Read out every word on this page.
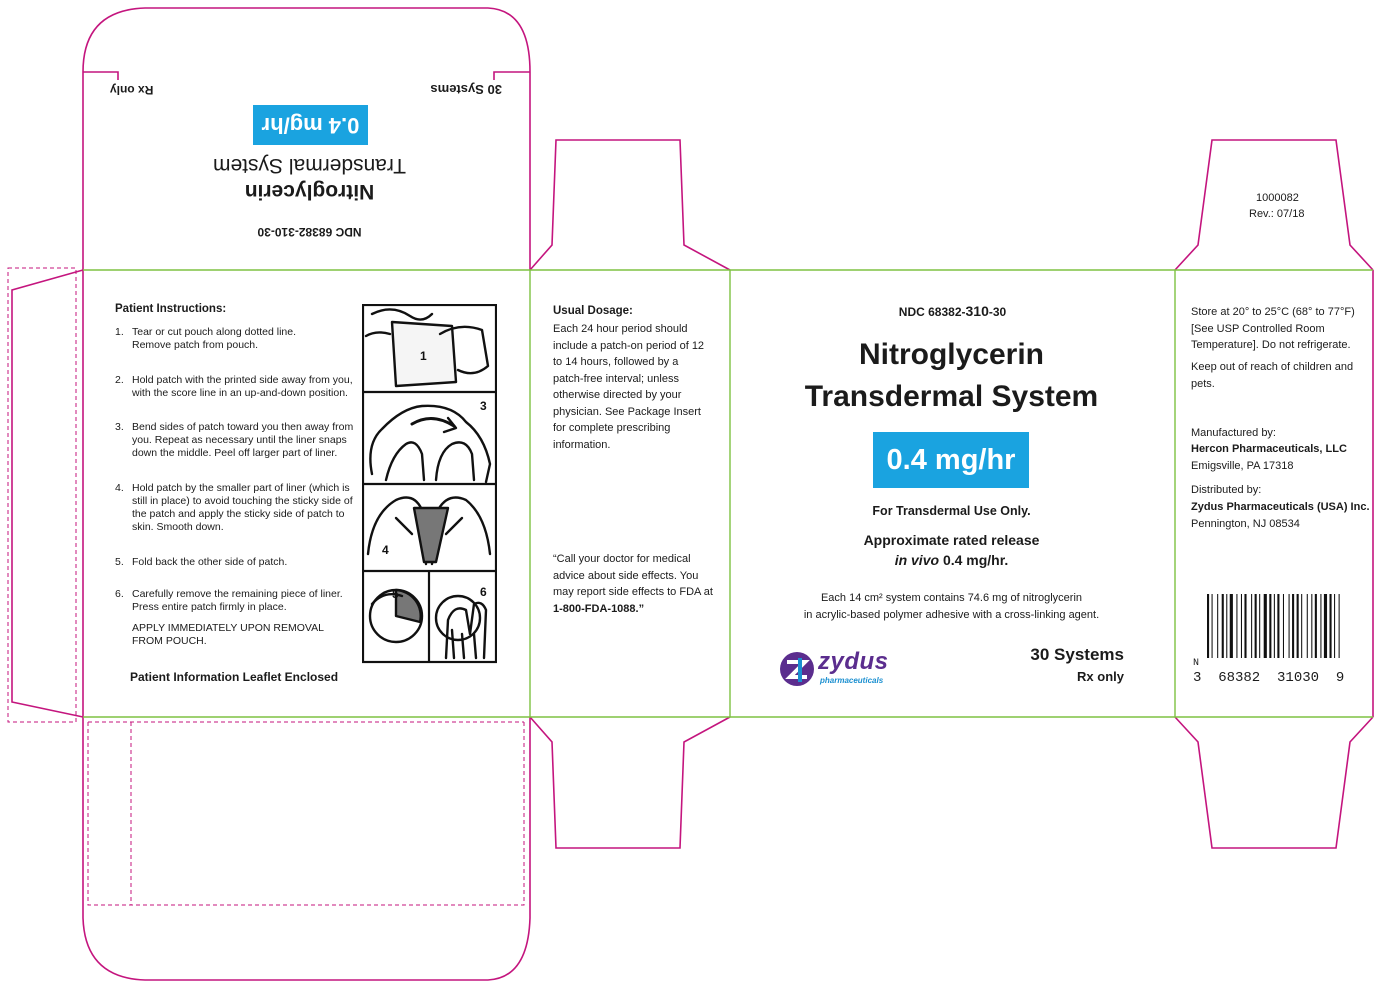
30 Systems
Rx only
0.4 mg/hr
Transdermal System
Nitroglycerin
NDC 68382-310-30
1000082
Rev.: 07/18
Patient Instructions:
1. Tear or cut pouch along dotted line. Remove patch from pouch.
2. Hold patch with the printed side away from you, with the score line in an up-and-down position.
3. Bend sides of patch toward you then away from you. Repeat as necessary until the liner snaps down the middle. Peel off larger part of liner.
4. Hold patch by the smaller part of liner (which is still in place) to avoid touching the sticky side of the patch and apply the sticky side of patch to skin. Smooth down.
5. Fold back the other side of patch.
6. Carefully remove the remaining piece of liner. Press entire patch firmly in place.
APPLY IMMEDIATELY UPON REMOVAL FROM POUCH.
Patient Information Leaflet Enclosed
1
3
4
5	6
Usual Dosage:
Each 24 hour period should include a patch-on period of 12 to 14 hours, followed by a patch-free interval; unless otherwise directed by your physician. See Package Insert for complete prescribing information.
“Call your doctor for medical advice about side effects. You may report side effects to FDA at 1-800-FDA-1088.”
NDC 68382-310-30
Nitroglycerin
Transdermal System
0.4 mg/hr
For Transdermal Use Only.
Approximate rated release
in vivo 0.4 mg/hr.
Each 14 cm² system contains 74.6 mg of nitroglycerin
in acrylic-based polymer adhesive with a cross-linking agent.
zydus
pharmaceuticals
30 Systems
Rx only
Store at 20° to 25°C (68° to 77°F) [See USP Controlled Room Temperature]. Do not refrigerate.
Keep out of reach of children and pets.
Manufactured by:
Hercon Pharmaceuticals, LLC
Emigsville, PA 17318
Distributed by:
Zydus Pharmaceuticals (USA) Inc.
Pennington, NJ 08534
N
3  68382  31030  9
